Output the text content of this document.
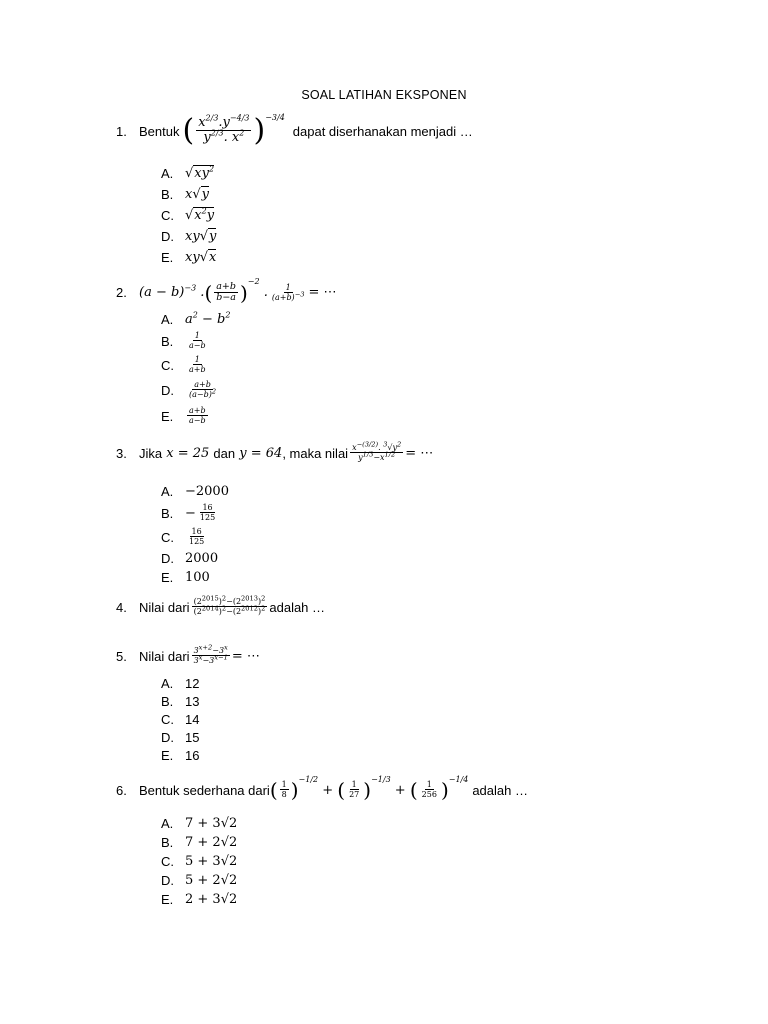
SOAL LATIHAN EKSPONEN
1. Bentuk ( $\frac{x^{2/3}.y^{-4/3}}{y^{2/3}. x^2}$ ) −3/4
dapat diserhanakan menjadi …
A. $√xy^2$
B. x√y
C. $√x^2y$
D. xy√y
E. xy√x
2. $(a - b)^{-3}$ . ( $\frac{a+b}{b-a}$ ) −2
. $\frac{1}{(a+b)^{-3}}$ = ⋯
A. $a^2 - b^2$
B.	$\frac{1}{a-b}$
C.	$\frac{1}{a+b}$
D.	$\frac{a+b}{(a-b)^2}$
E.	$\frac{a+b}{a-b}$
3. Jika x = 25 dan y = 64 , maka nilai $\frac{x^{-(3/2)}. ^3√y^2}{y^{1/3}-x^{1/2}}$ = ⋯
A. −2000
B. − $\frac{16}{125}$
C.	$\frac{16}{125}$
D. 2000
E. 100
4. Nilai dari $\frac{(2^{2015})^2-(2^{2013})^2}{(2^{2014})^2-(2^{2012})^2}$ adalah …
5. Nilai dari $\frac{3^{x+2}-3^x}{3^x-3^{x-1}}$ = ⋯
A. 12
B. 13
C. 14
D. 15
E. 16
6. Bentuk sederhana dari ( $\frac{1}{8}$ ) −1/2
+ ( $\frac{1}{27}$ ) −1/3
+ ( $\frac{1}{256}$ ) −1/4
adalah …
A. 7 + 3√2
B. 7 + 2√2
C. 5 + 3√2
D. 5 + 2√2
E. 2 + 3√2
